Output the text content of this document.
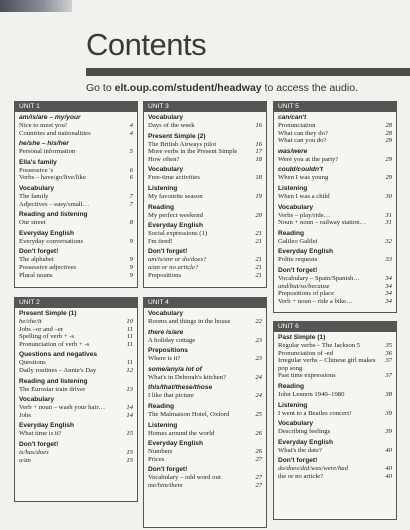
Contents
Go to elt.oup.com/student/headway to access the audio.
UNIT 1
am/is/are – my/your
Nice to meet you!	4
Countries and nationalities	4
he/she – his/her
Personal information	5
Ella's family
Possessive 's	6
Verbs – have/go/live/like	6
Vocabulary
The family	7
Adjectives – easy/small…	7
Reading and listening
Our street	8
Everyday English
Everyday conversations	9
Don't forget!
The alphabet	9
Possessive adjectives	9
Plural nouns	9
UNIT 2
Present Simple (1)
he/she/it	10
Jobs –or and –er	11
Spelling of verb + -s	11
Pronunciation of verb + -s	11
Questions and negatives
Questions	11
Daily routines – Annie's Day	12
Reading and listening
The Eurostar train driver	13
Vocabulary
Verb + noun – wash your hair…	14
Jobs	14
Everyday English
What time is it?	15
Don't forget!
is/has/does	15
a/an	15
UNIT 3
Vocabulary
Days of the week	16
Present Simple (2)
The British Airways pilot	16
More verbs in the Present Simple	17
How often?	18
Vocabulary
Free-time activities	18
Listening
My favourite season	19
Reading
My perfect weekend	20
Everyday English
Social expressions (1)	21
I'm tired!	21
Don't forget!
am/is/are or do/does?	21
a/an or no article?	21
Prepositions	21
UNIT 4
Vocabulary
Rooms and things in the house	22
there is/are
A holiday cottage	23
Prepositions
Where is it?	23
some/any/a lot of
What's in Deborah's kitchen?	24
this/that/these/those
I like that picture	24
Reading
The Malmaison Hotel, Oxford	25
Listening
Homes around the world	26
Everyday English
Numbers	26
Prices	27
Don't forget!
Vocabulary – odd word out	27
me/him/them	27
UNIT 5
can/can't
Pronunciation	28
What can they do?	28
What can you do?	29
was/were
Were you at the party?	29
could/couldn't
When I was young	29
Listening
When I was a child	30
Vocabulary
Verbs – play/ride…	31
Noun + noun – railway station…	31
Reading
Galileo Galilei	32
Everyday English
Polite requests	33
Don't forget!
Vocabulary – Spain/Spanish…	34
and/but/so/because	34
Prepositions of place	34
Verb + noun – ride a bike…	34
UNIT 6
Past Simple (1)
Regular verbs – The Jackson 5	35
Pronunciation of -ed	36
Irregular verbs – Chinese girl makes 37
pop song
Past time expressions	37
Reading
John Lennon 1940–1980	38
Listening
I went to a Beatles concert!	39
Vocabulary
Describing feelings	39
Everyday English
What's the date?	40
Don't forget!
do/does/did/was/were/had	40
the or no article?	40
